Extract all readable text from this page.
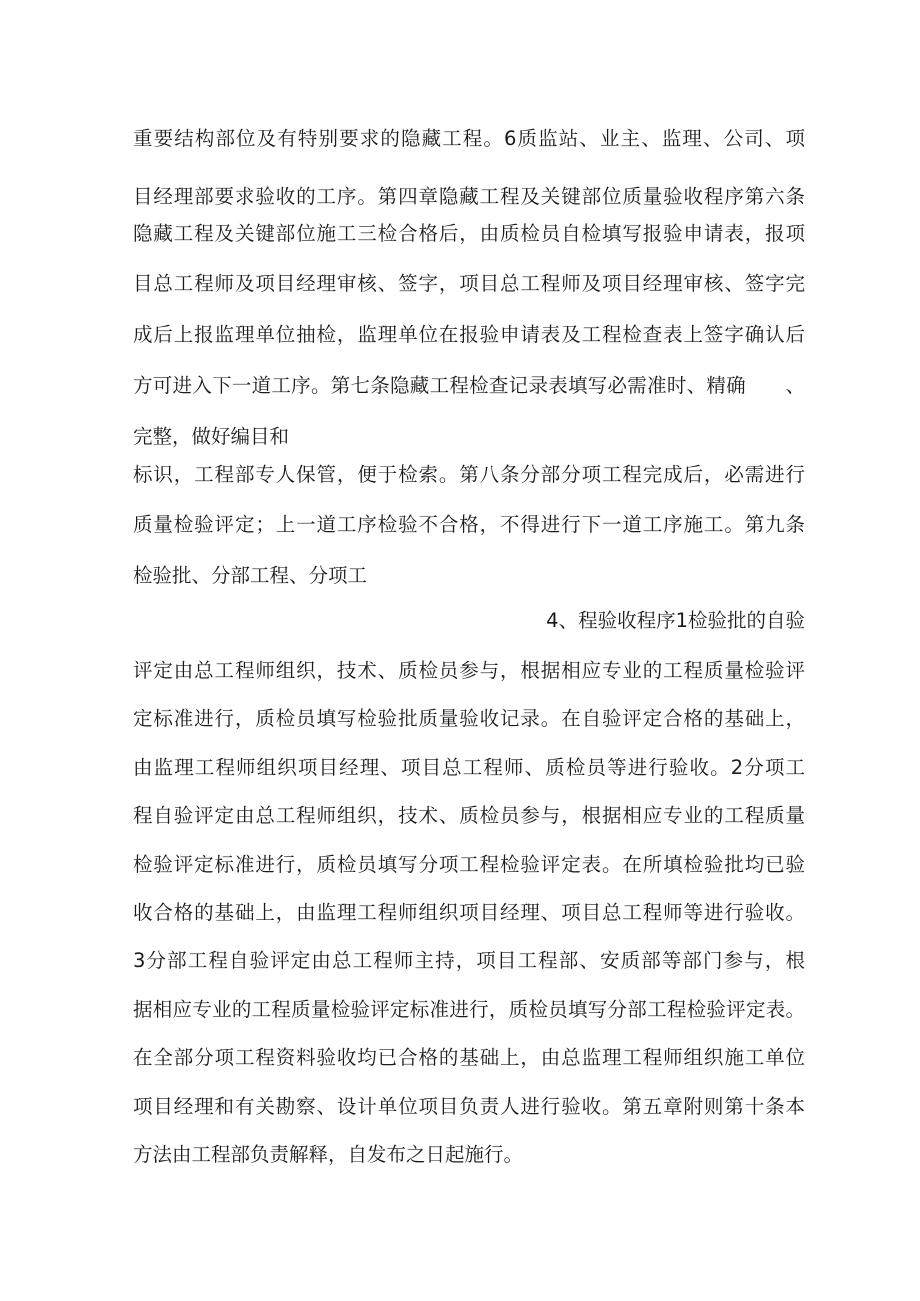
重要结构部位及有特别要求的隐藏工程。6质监站、业主、监理、公司、项
目经理部要求验收的工序。第四章隐藏工程及关键部位质量验收程序第六条
隐藏工程及关键部位施工三检合格后，由质检员自检填写报验申请表，报项
目总工程师及项目经理审核、签字，项目总工程师及项目经理审核、签字完
成后上报监理单位抽检，监理单位在报验申请表及工程检查表上签字确认后
方可进入下一道工序。第七条隐藏工程检查记录表填写必需准时、精确　　、
完整，做好编目和
标识，工程部专人保管，便于检索。第八条分部分项工程完成后，必需进行
质量检验评定；上一道工序检验不合格，不得进行下一道工序施工。第九条
检验批、分部工程、分项工
4、程验收程序1检验批的自验
评定由总工程师组织，技术、质检员参与，根据相应专业的工程质量检验评
定标准进行，质检员填写检验批质量验收记录。在自验评定合格的基础上，
由监理工程师组织项目经理、项目总工程师、质检员等进行验收。2分项工
程自验评定由总工程师组织，技术、质检员参与，根据相应专业的工程质量
检验评定标准进行，质检员填写分项工程检验评定表。在所填检验批均已验
收合格的基础上，由监理工程师组织项目经理、项目总工程师等进行验收。
3分部工程自验评定由总工程师主持，项目工程部、安质部等部门参与，根
据相应专业的工程质量检验评定标准进行，质检员填写分部工程检验评定表。
在全部分项工程资料验收均已合格的基础上，由总监理工程师组织施工单位
项目经理和有关勘察、设计单位项目负责人进行验收。第五章附则第十条本
方法由工程部负责解释，自发布之日起施行。
